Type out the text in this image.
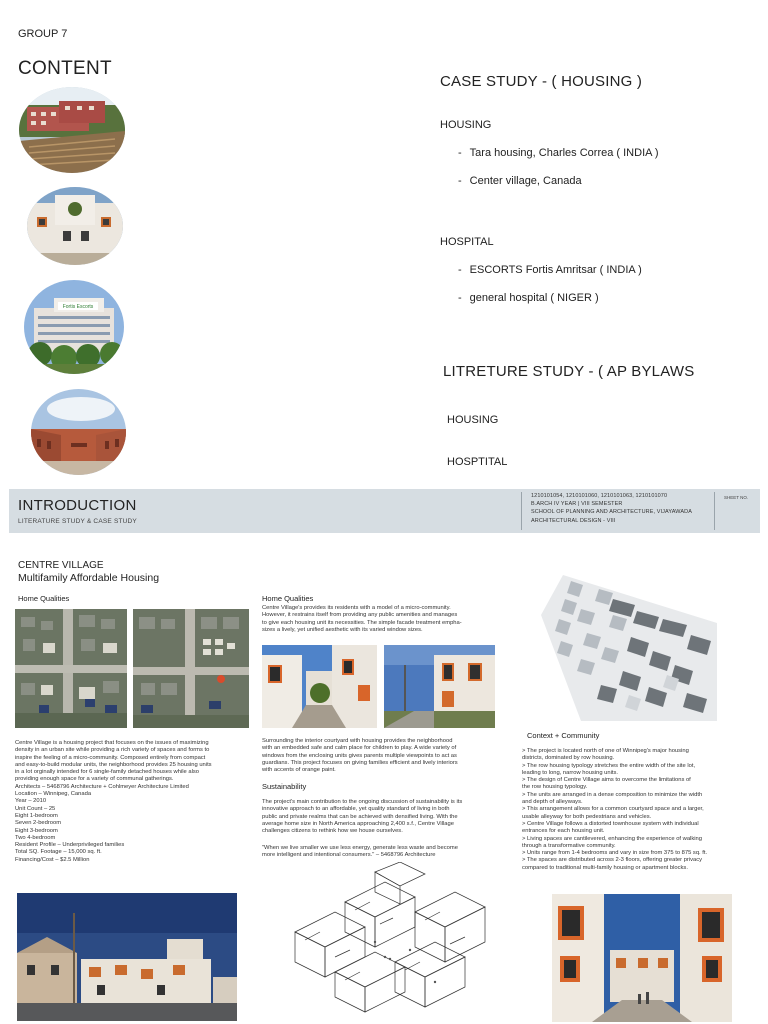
GROUP 7
CONTENT
Fortis Escorts
CASE STUDY - ( HOUSING )
HOUSING
- Tara housing, Charles Correa ( INDIA )
- Center village, Canada
HOSPITAL
- ESCORTS Fortis Amritsar ( INDIA )
- general hospital ( NIGER )
LITRETURE STUDY - ( AP BYLAWS
HOUSING
HOSPTITAL
INTRODUCTION
LITERATURE STUDY & CASE STUDY
1210101054, 1210101060, 1210101063, 1210101070
B.ARCH IV YEAR | VIII SEMESTER
SCHOOL OF PLANNING AND ARCHITECTURE, VIJAYAWADA
ARCHITECTURAL DESIGN - VIII
SHEET NO.
CENTRE VILLAGE
Multifamily Affordable Housing
Home Qualities
Centre Village is a housing project that focuses on the issues of maximizing
density in an urban site while providing a rich variety of spaces and forms to
inspire the feeling of a micro-community. Composed entirely from compact
and easy-to-build modular units, the neighborhood provides 25 housing units
in a lot orginally intended for 6 single-family detached houses while also
providing enough space for a variety of communal gatherings.
Architects – 5468796 Architecture + Cohlmeyer Architecture Limited
Location – Winnipeg, Canada
Year – 2010
Unit Count – 25
Eight 1-bedroom
Seven 2-bedroom
Eight 3-bedroom
Two 4-bedroom
Resident Profile – Underprivileged families
Total SQ. Footage – 15,000 sq. ft.
Financing/Cost – $2.5 Million
Home Qualities
Centre Village's provides its residents with a model of a micro-community.
However, it restrains itself from providing any public amenities and manages
to give each housing unit its necessities. The simple facade treatment empha-
sizes a lively, yet unified aesthetic with its varied window sizes.
Surrounding the interior courtyard with housing provides the neighborhood
with an embedded safe and calm place for children to play. A wide variety of
windows from the enclosing units gives parents multiple viewpoints to act as
guardians. This project focuses on giving families efficient and lively interiors
with accents of orange paint.
Sustainability
The project's main contribution to the ongoing discussion of sustainability is its
innovative approach to an affordable, yet quality standard of living in both
public and private realms that can be achieved with densified living. With the
average home size in North America approaching 2,400 s.f., Centre Village
challenges citizens to rethink how we house ourselves.
"When we live smaller we use less energy, generate less waste and become
more intelligent and intentional consumers." – 5468796 Architecture
Context + Community
> The project is located north of one of Winnipeg's major housing
districts, dominated by row housing.
> The row housing typology stretches the entire width of the site lot,
leading to long, narrow housing units.
> The design of Centre Village aims to overcome the limitations of
the row housing typology.
> The units are arranged in a dense composition to minimize the width
and depth of alleyways.
> This arrangement allows for a common courtyard space and a larger,
usable alleyway for both pedestrians and vehicles.
> Centre Village follows a distorted townhouse system with individual
entrances for each housing unit.
> Living spaces are cantilevered, enhancing the experience of walking
through a transformative community.
> Units range from 1-4 bedrooms and vary in size from 375 to 875 sq. ft.
> The spaces are distributed across 2-3 floors, offering greater privacy
compared to traditional multi-family housing or apartment blocks.
